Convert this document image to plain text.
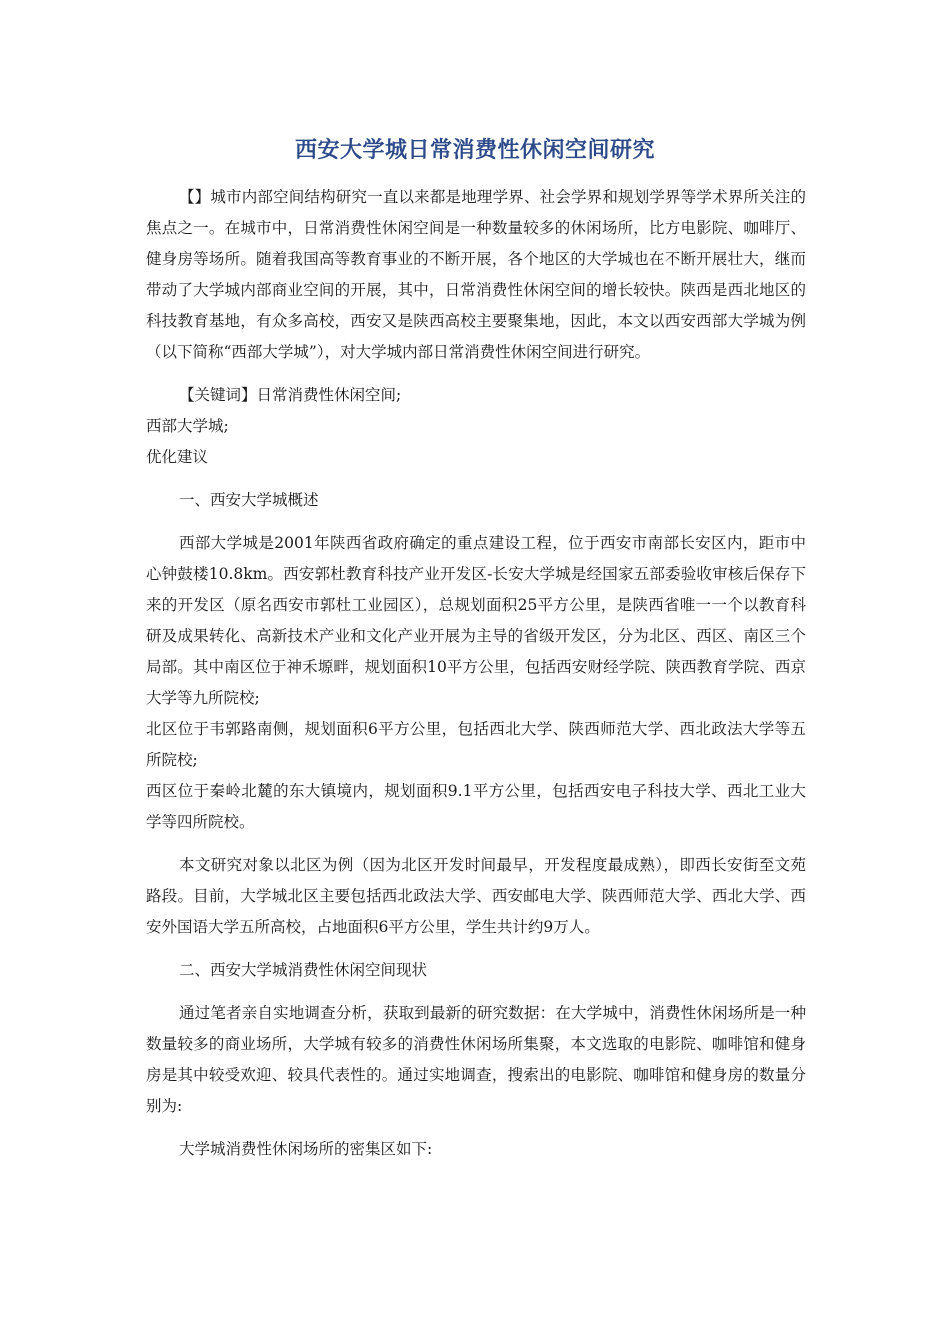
西安大学城日常消费性休闲空间研究

【】城市内部空间结构研究一直以来都是地理学界、社会学界和规划学界等学术界所关注的焦点之一。在城市中，日常消费性休闲空间是一种数量较多的休闲场所，比方电影院、咖啡厅、健身房等场所。随着我国高等教育事业的不断开展，各个地区的大学城也在不断开展壮大，继而带动了大学城内部商业空间的开展，其中，日常消费性休闲空间的增长较快。陕西是西北地区的科技教育基地，有众多高校，西安又是陕西高校主要聚集地，因此，本文以西安西部大学城为例（以下简称“西部大学城”），对大学城内部日常消费性休闲空间进行研究。

【关键词】日常消费性休闲空间;

西部大学城;

优化建议

一、西安大学城概述

西部大学城是2001年陕西省政府确定的重点建设工程，位于西安市南部长安区内，距市中心钟鼓楼10.8km。西安郭杜教育科技产业开发区-长安大学城是经国家五部委验收审核后保存下来的开发区（原名西安市郭杜工业园区），总规划面积25平方公里，是陕西省唯一一个以教育科研及成果转化、高新技术产业和文化产业开展为主导的省级开发区，分为北区、西区、南区三个局部。其中南区位于神禾塬畔，规划面积10平方公里，包括西安财经学院、陕西教育学院、西京大学等九所院校;

北区位于韦郭路南侧，规划面积6平方公里，包括西北大学、陕西师范大学、西北政法大学等五所院校;

西区位于秦岭北麓的东大镇境内，规划面积9.1平方公里，包括西安电子科技大学、西北工业大学等四所院校。

本文研究对象以北区为例（因为北区开发时间最早，开发程度最成熟），即西长安街至文苑路段。目前，大学城北区主要包括西北政法大学、西安邮电大学、陕西师范大学、西北大学、西安外国语大学五所高校，占地面积6平方公里，学生共计约9万人。

二、西安大学城消费性休闲空间现状

通过笔者亲自实地调查分析，获取到最新的研究数据：在大学城中，消费性休闲场所是一种数量较多的商业场所，大学城有较多的消费性休闲场所集聚，本文选取的电影院、咖啡馆和健身房是其中较受欢迎、较具代表性的。通过实地调查，搜索出的电影院、咖啡馆和健身房的数量分别为:

大学城消费性休闲场所的密集区如下:
